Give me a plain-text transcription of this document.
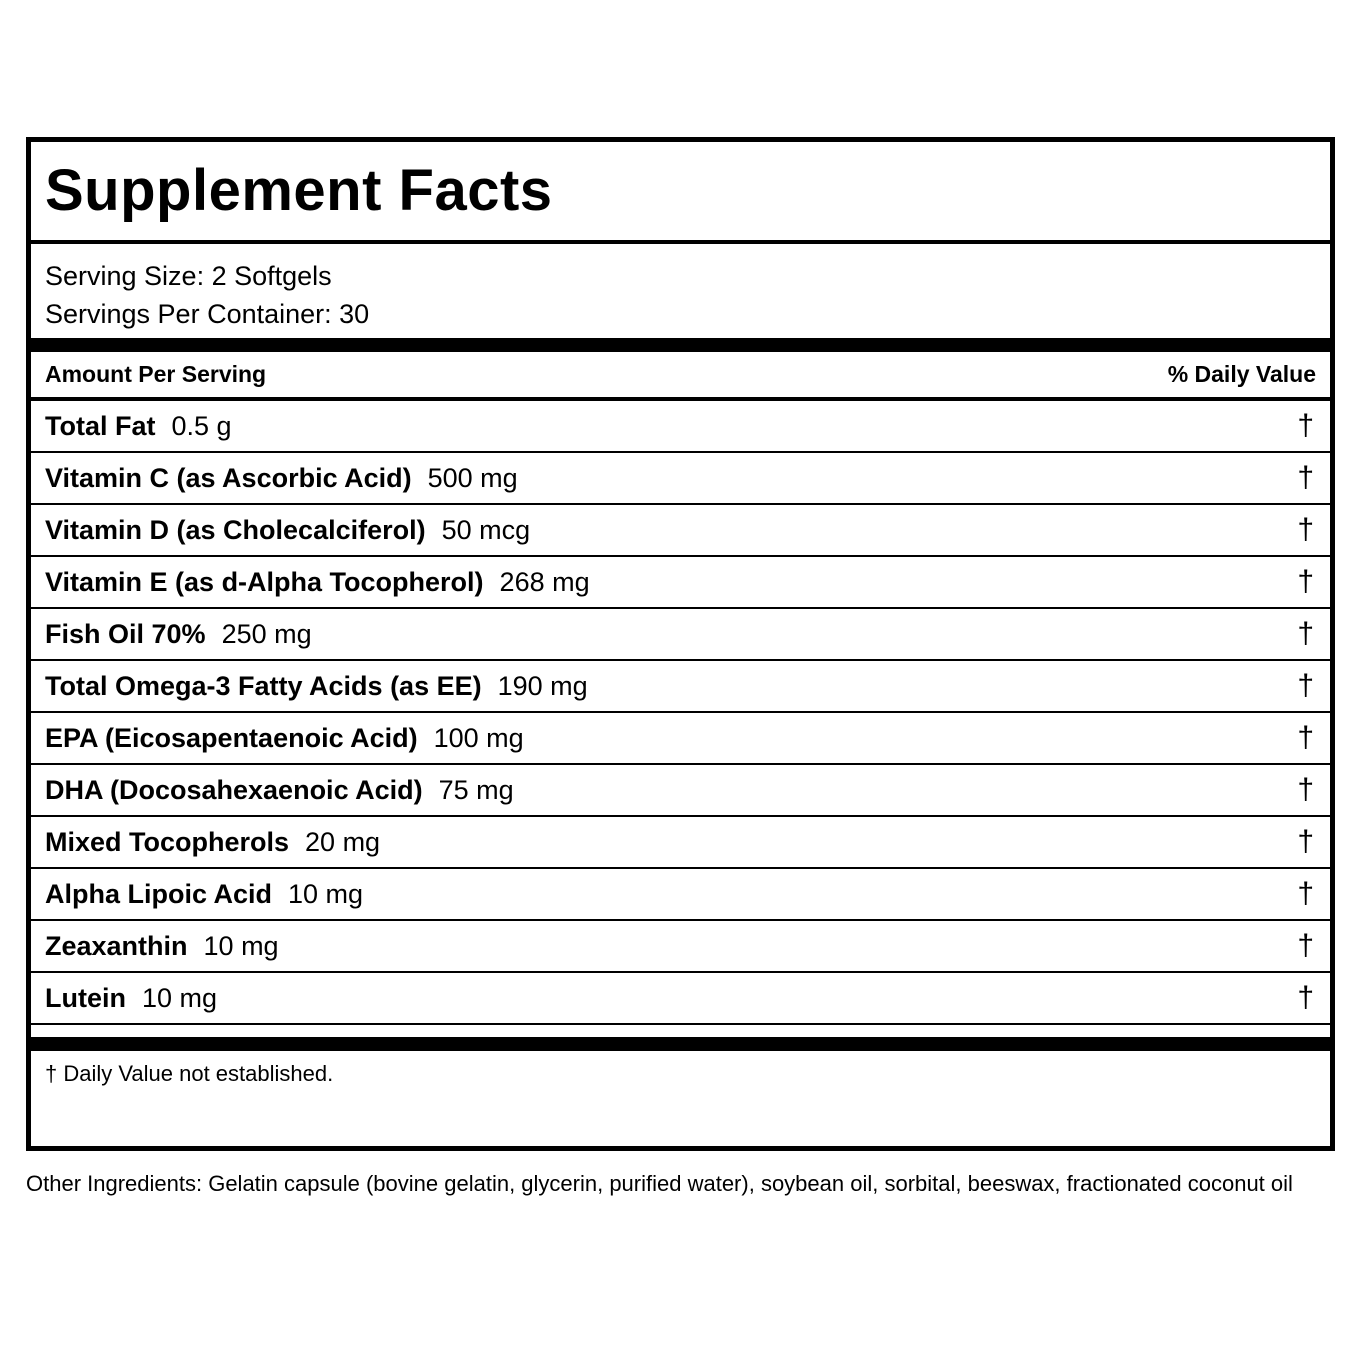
Supplement Facts
Serving Size: 2 Softgels
Servings Per Container: 30
Amount Per Serving	% Daily Value
Total Fat 0.5 g	†
Vitamin C (as Ascorbic Acid) 500 mg	†
Vitamin D (as Cholecalciferol) 50 mcg	†
Vitamin E (as d-Alpha Tocopherol) 268 mg	†
Fish Oil 70% 250 mg	†
Total Omega-3 Fatty Acids (as EE) 190 mg	†
EPA (Eicosapentaenoic Acid) 100 mg	†
DHA (Docosahexaenoic Acid) 75 mg	†
Mixed Tocopherols 20 mg	†
Alpha Lipoic Acid 10 mg	†
Zeaxanthin 10 mg	†
Lutein 10 mg	†
† Daily Value not established.
Other Ingredients: Gelatin capsule (bovine gelatin, glycerin, purified water), soybean oil, sorbital, beeswax, fractionated coconut oil
